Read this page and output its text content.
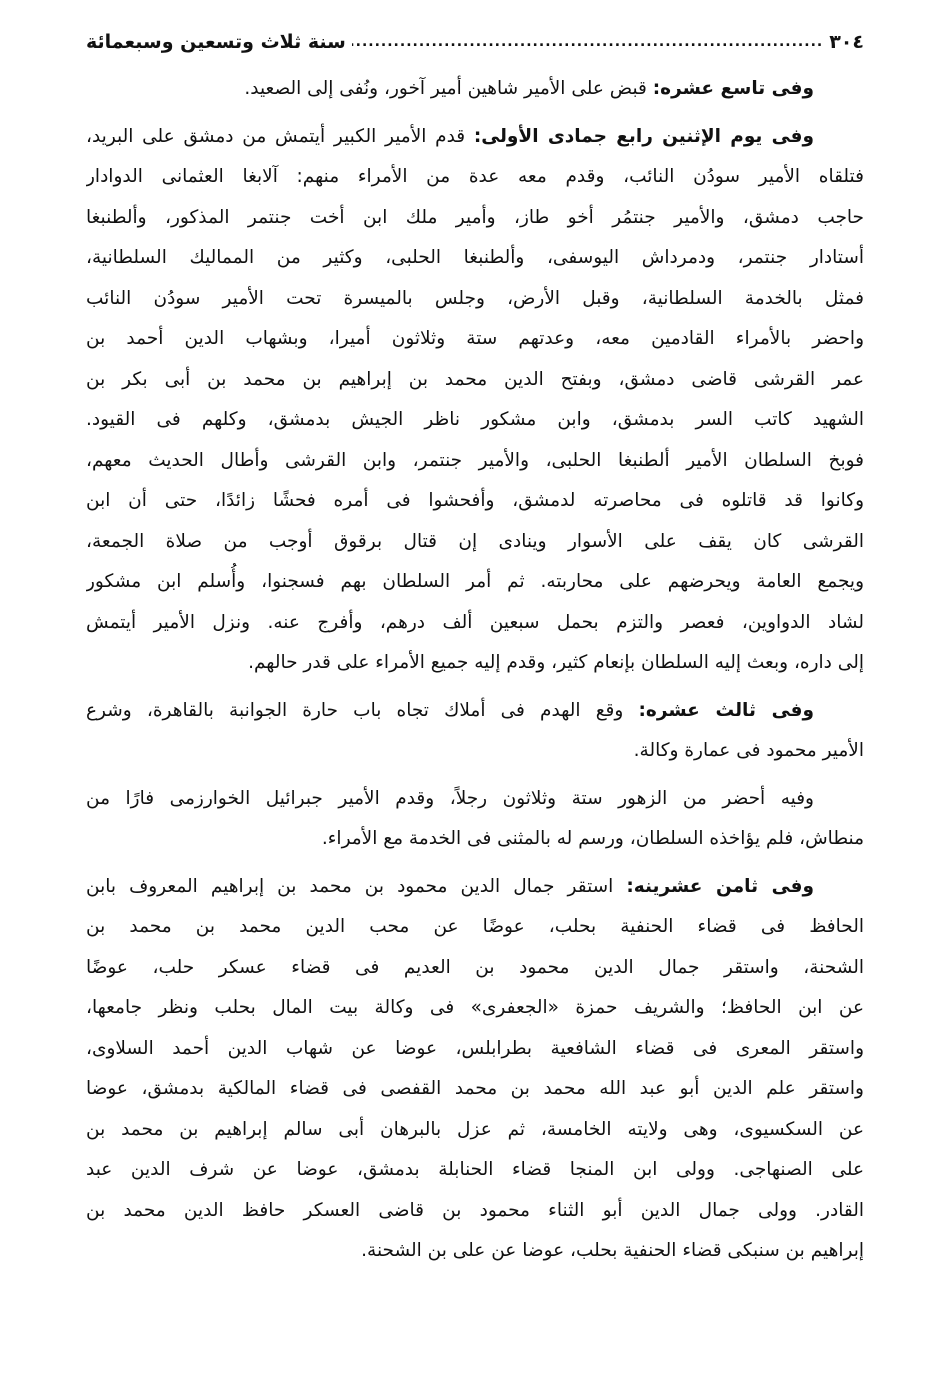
٣٠٤
.....
سنة ثلاث وتسعين وسبعمائة
وفى تاسع عشره: قبض على الأمير شاهين أمير آخور، ونُفى إلى الصعيد.
وفى يوم الإثنين رابع جمادى الأولى: قدم الأمير الكبير أيتمش من دمشق على البريد،
فتلقاه الأمير سودُن النائب، وقدم معه عدة من الأمراء منهم: آلابغا العثمانى الدوادار
حاجب دمشق، والأمير جنتمُر أخو طاز، وأمير ملك ابن أخت جنتمر المذكور، وألطنبغا
أستادار جنتمر، ودمرداش اليوسفى، وألطنبغا الحلبى، وكثير من المماليك السلطانية،
فمثل بالخدمة السلطانية، وقبل الأرض، وجلس بالميسرة تحت الأمير سودُن النائب
واحضر بالأمراء القادمين معه، وعدتهم ستة وثلاثون أميرا، وبشهاب الدين أحمد بن
عمر القرشى قاضى دمشق، وبفتح الدين محمد بن إبراهيم بن محمد بن أبى بكر بن
الشهيد كاتب السر بدمشق، وابن مشكور ناظر الجيش بدمشق، وكلهم فى القيود.
فوبخ السلطان الأمير ألطنبغا الحلبى، والأمير جنتمر، وابن القرشى وأطال الحديث معهم،
وكانوا قد قاتلوه فى محاصرته لدمشق، وأفحشوا فى أمره فحشًا زائدًا، حتى أن ابن
القرشى كان يقف على الأسوار وينادى إن قتال برقوق أوجب من صلاة الجمعة،
ويجمع العامة ويحرضهم على محاربته. ثم أمر السلطان بهم فسجنوا، وأُسلم ابن مشكور
لشاد الدواوين، فعصر والتزم بحمل سبعين ألف درهم، وأفرج عنه. ونزل الأمير أيتمش
إلى داره، وبعث إليه السلطان بإنعام كثير، وقدم إليه جميع الأمراء على قدر حالهم.
وفى ثالث عشره: وقع الهدم فى أملاك تجاه باب حارة الجوانبة بالقاهرة، وشرع
الأمير محمود فى عمارة وكالة.
وفيه أحضر من الزهور ستة وثلاثون رجلاً، وقدم الأمير جبرائيل الخوارزمى فارًا من
منطاش، فلم يؤاخذه السلطان، ورسم له بالمثنى فى الخدمة مع الأمراء.
وفى ثامن عشرينه: استقر جمال الدين محمود بن محمد بن إبراهيم المعروف بابن
الحافظ فى قضاء الحنفية بحلب، عوضًا عن محب الدين محمد بن محمد بن
الشحنة، واستقر جمال الدين محمود بن العديم فى قضاء عسكر حلب، عوضًا
عن ابن الحافظ؛ والشريف حمزة «الجعفرى» فى وكالة بيت المال بحلب ونظر جامعها،
واستقر المعرى فى قضاء الشافعية بطرابلس، عوضا عن شهاب الدين أحمد السلاوى،
واستقر علم الدين أبو عبد الله محمد بن محمد القفصى فى قضاء المالكية بدمشق، عوضا
عن السكسيوى، وهى ولايته الخامسة، ثم عزل بالبرهان أبى سالم إبراهيم بن محمد بن
على الصنهاجى. وولى ابن المنجا قضاء الحنابلة بدمشق، عوضا عن شرف الدين عبد
القادر. وولى جمال الدين أبو الثناء محمود بن قاضى العسكر حافظ الدين محمد بن
إبراهيم بن سنبكى قضاء الحنفية بحلب، عوضا عن على بن الشحنة.
